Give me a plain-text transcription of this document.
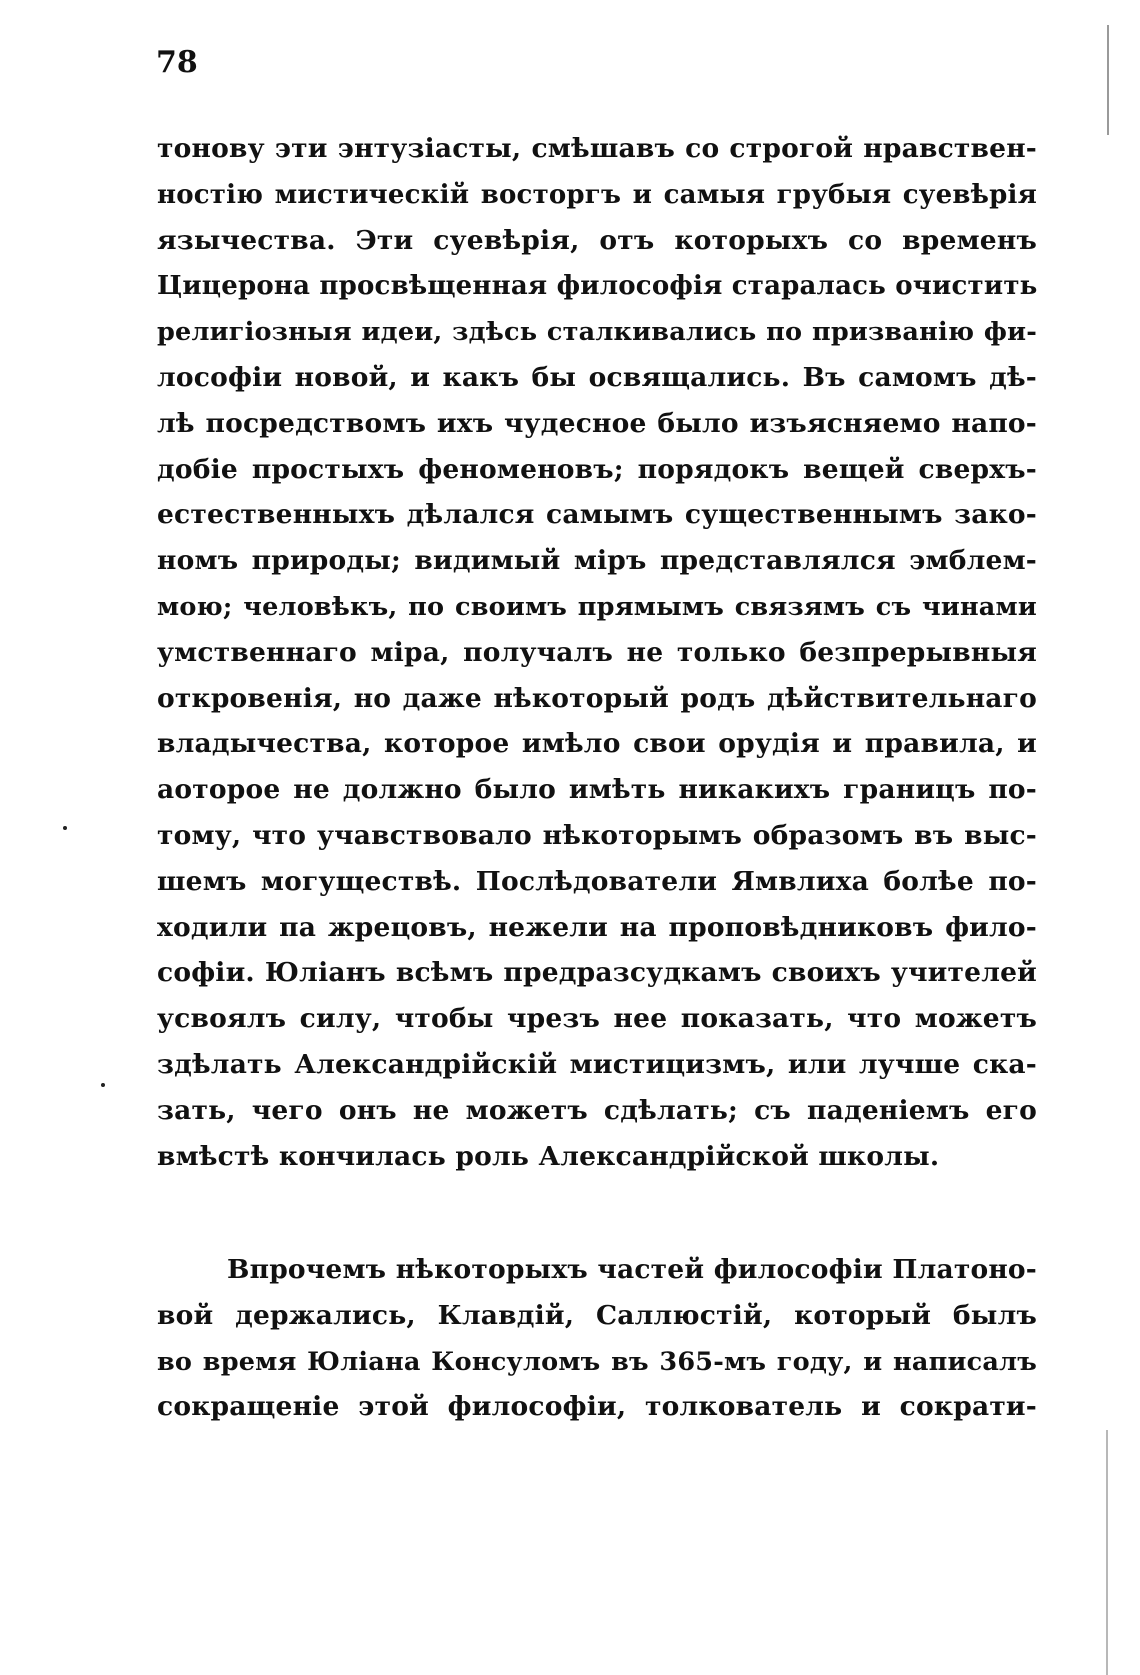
78
тонову эти энтузіасты, смѣшавъ со строгой нравствен-
ностію мистическій восторгъ и самыя грубыя суевѣрія
язычества. Эти суевѣрія, отъ которыхъ со временъ
Цицерона просвѣщенная философія старалась очистить
религіозныя идеи, здѣсь сталкивались по призванію фи-
лософіи новой, и какъ бы освящались. Въ самомъ дѣ-
лѣ посредствомъ ихъ чудесное было изъясняемо напо-
добіе простыхъ феноменовъ; порядокъ вещей сверхъ-
естественныхъ дѣлался самымъ существеннымъ зако-
номъ природы; видимый міръ представлялся эмблем-
мою; человѣкъ, по своимъ прямымъ связямъ съ чинами
умственнаго міра, получалъ не только безпрерывныя
откровенія, но даже нѣкоторый родъ дѣйствительнаго
владычества, которое имѣло свои орудія и правила, и
аоторое не должно было имѣть никакихъ границъ по-
тому, что учавствовало нѣкоторымъ образомъ въ выс-
шемъ могуществѣ. Послѣдователи Ямвлиха болѣе по-
ходили па жрецовъ, нежели на проповѣдниковъ фило-
софіи. Юліанъ всѣмъ предразсудкамъ своихъ учителей
усвоялъ силу, чтобы чрезъ нее показать, что можетъ
здѣлать Александрійскій мистицизмъ, или лучше ска-
зать, чего онъ не можетъ сдѣлать; съ паденіемъ его
вмѣстѣ кончилась роль Александрійской школы.
Впрочемъ нѣкоторыхъ частей философіи Платоно-
вой держались, Клавдій, Саллюстій, который былъ
во время Юліана Консуломъ въ 365-мъ году, и написалъ
сокращеніе этой философіи, толкователь и сократи-
